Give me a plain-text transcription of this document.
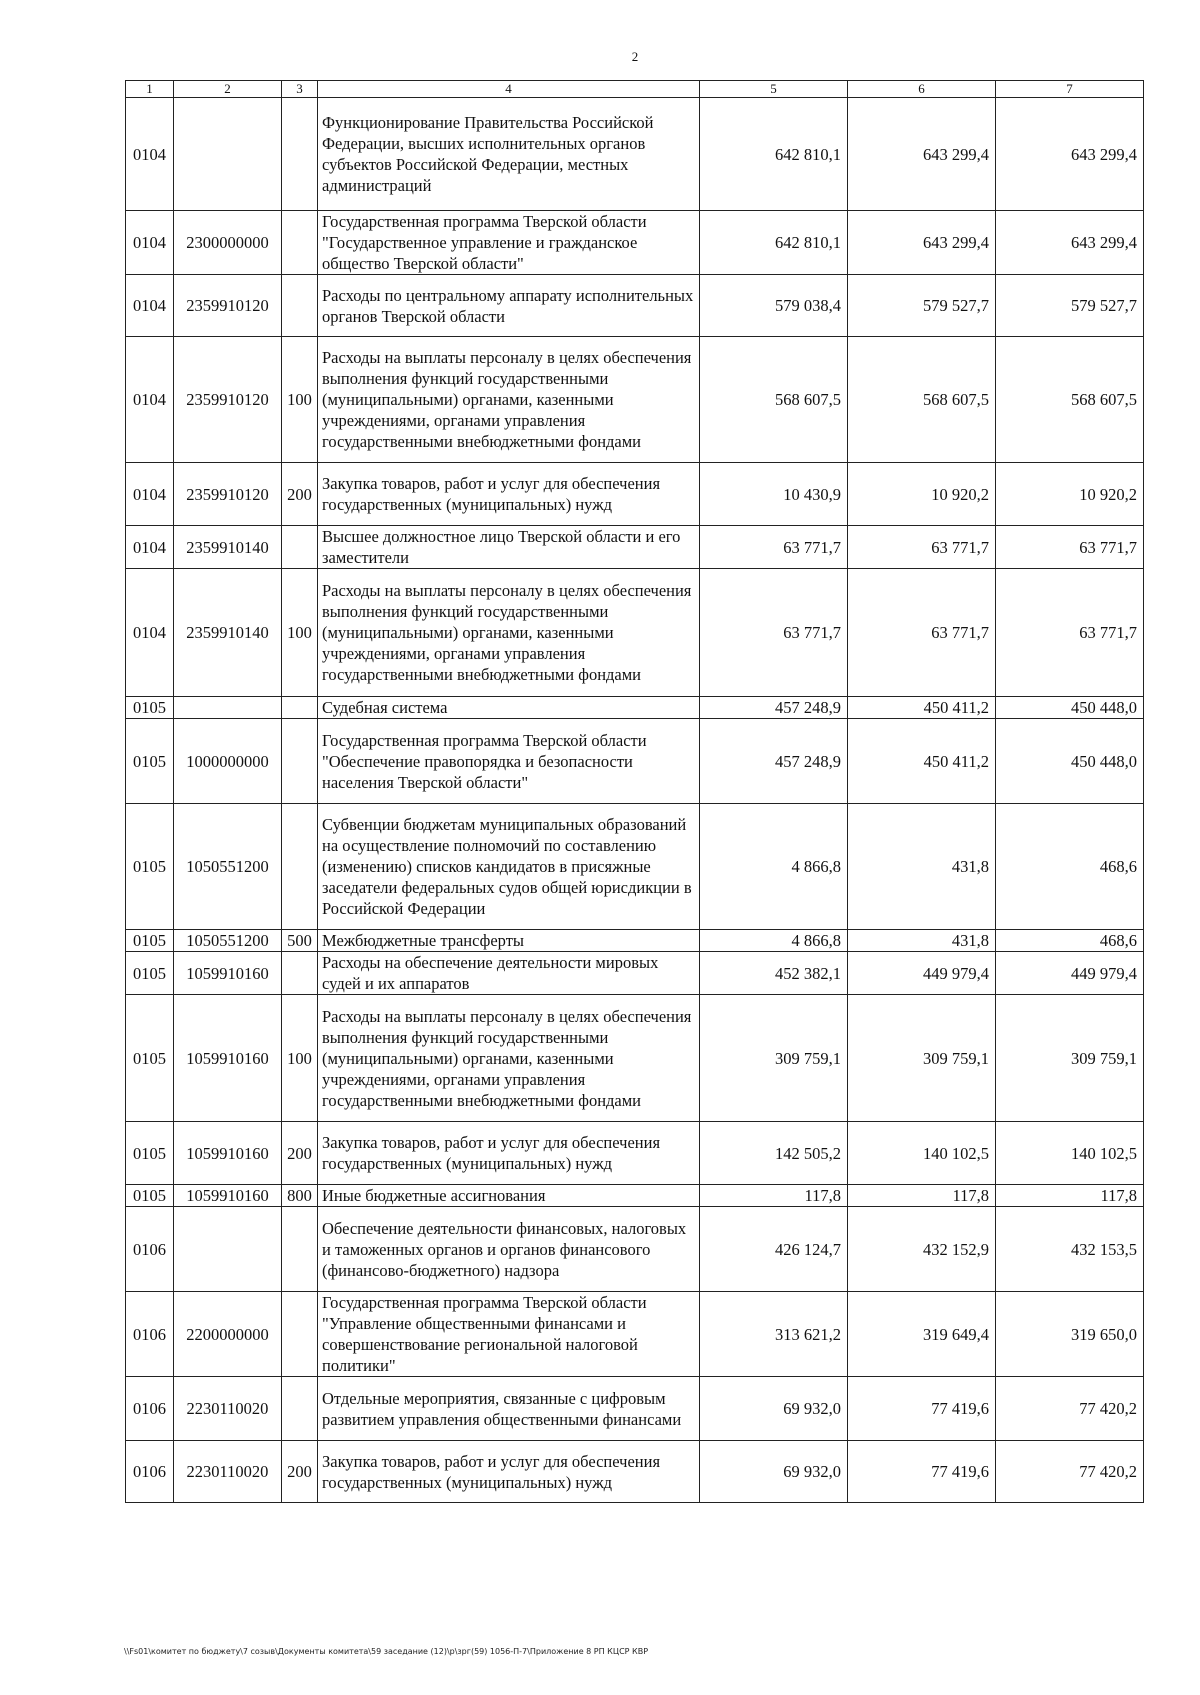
2
1	2	3	4	5	6	7
0104			Функционирование Правительства Российской Федерации, высших исполнительных органов субъектов Российской Федерации, местных администраций	642 810,1	643 299,4	643 299,4
0104	2300000000		Государственная программа Тверской области "Государственное управление и гражданское общество Тверской области"	642 810,1	643 299,4	643 299,4
0104	2359910120		Расходы по центральному аппарату исполнительных органов Тверской области	579 038,4	579 527,7	579 527,7
0104	2359910120	100	Расходы на выплаты персоналу в целях обеспечения выполнения функций государственными (муниципальными) органами, казенными учреждениями, органами управления государственными внебюджетными фондами	568 607,5	568 607,5	568 607,5
0104	2359910120	200	Закупка товаров, работ и услуг для обеспечения государственных (муниципальных) нужд	10 430,9	10 920,2	10 920,2
0104	2359910140		Высшее должностное лицо Тверской области и его заместители	63 771,7	63 771,7	63 771,7
0104	2359910140	100	Расходы на выплаты персоналу в целях обеспечения выполнения функций государственными (муниципальными) органами, казенными учреждениями, органами управления государственными внебюджетными фондами	63 771,7	63 771,7	63 771,7
0105			Судебная система	457 248,9	450 411,2	450 448,0
0105	1000000000		Государственная программа Тверской области "Обеспечение правопорядка и безопасности населения Тверской области"	457 248,9	450 411,2	450 448,0
0105	1050551200		Субвенции бюджетам муниципальных образований на осуществление полномочий по составлению (изменению) списков кандидатов в присяжные заседатели федеральных судов общей юрисдикции в Российской Федерации	4 866,8	431,8	468,6
0105	1050551200	500	Межбюджетные трансферты	4 866,8	431,8	468,6
0105	1059910160		Расходы на обеспечение деятельности мировых судей и их аппаратов	452 382,1	449 979,4	449 979,4
0105	1059910160	100	Расходы на выплаты персоналу в целях обеспечения выполнения функций государственными (муниципальными) органами, казенными учреждениями, органами управления государственными внебюджетными фондами	309 759,1	309 759,1	309 759,1
0105	1059910160	200	Закупка товаров, работ и услуг для обеспечения государственных (муниципальных) нужд	142 505,2	140 102,5	140 102,5
0105	1059910160	800	Иные бюджетные ассигнования	117,8	117,8	117,8
0106			Обеспечение деятельности финансовых, налоговых и таможенных органов и органов финансового (финансово-бюджетного) надзора	426 124,7	432 152,9	432 153,5
0106	2200000000		Государственная программа Тверской области "Управление общественными финансами и совершенствование региональной налоговой политики"	313 621,2	319 649,4	319 650,0
0106	2230110020		Отдельные мероприятия, связанные с цифровым развитием управления общественными финансами	69 932,0	77 419,6	77 420,2
0106	2230110020	200	Закупка товаров, работ и услуг для обеспечения государственных (муниципальных) нужд	69 932,0	77 419,6	77 420,2
\\Fs01\комитет по бюджету\7 созыв\Документы комитета\59 заседание (12)\р\зрг(59) 1056-П-7\Приложение 8 РП КЦСР КВР
